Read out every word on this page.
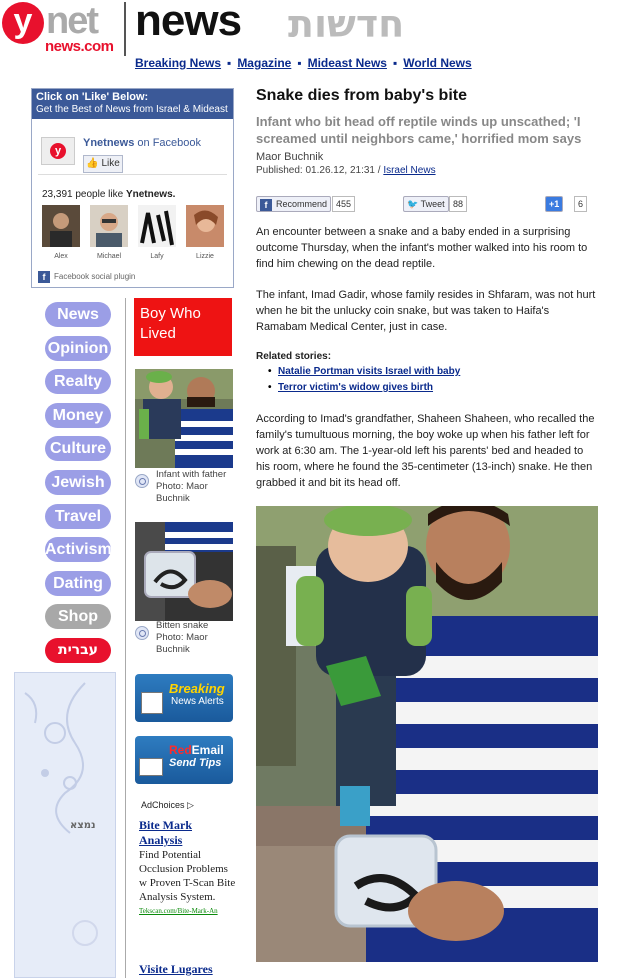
y net
news.com
news חדשות
Breaking News ▪ Magazine ▪ Mideast News ▪ World News
Click on 'Like' Below:
Get the Best of News from Israel & Mideast
y
Ynetnews on Facebook
👍 Like
23,391 people like Ynetnews.
Alex	Michael	Lafy	Lizzie
f Facebook social plugin
News
Opinion
Realty
Money
Culture
Jewish
Travel
Activism
Dating
Shop
עברית
נמצא
Boy Who Lived
Infant with father Photo: Maor Buchnik
Bitten snake Photo: Maor Buchnik
Breaking
News Alerts
RedEmail
Send Tips
AdChoices ▷
Bite Mark Analysis
Find Potential Occlusion Problems w Proven T-Scan Bite Analysis System.
Tekscan.com/Bite-Mark-An
Visite Lugares
Snake dies from baby's bite
Infant who bit head off reptile winds up unscathed; 'I screamed until neighbors came,' horrified mom says
Maor Buchnik
Published: 01.26.12, 21:31 / Israel News
f Recommend 455	🐦 Tweet 88	+1	6
An encounter between a snake and a baby ended in a surprising outcome Thursday, when the infant's mother walked into his room to find him chewing on the dead reptile.
The infant, Imad Gadir, whose family resides in Shfaram, was not hurt when he bit the unlucky coin snake, but was taken to Haifa's Ramabam Medical Center, just in case.
Related stories:
• Natalie Portman visits Israel with baby
• Terror victim's widow gives birth
According to Imad's grandfather, Shaheen Shaheen, who recalled the family's tumultuous morning, the boy woke up when his father left for work at 6:30 am. The 1-year-old left his parents' bed and headed to his room, where he found the 35-centimeter (13-inch) snake. He then grabbed it and bit its head off.
